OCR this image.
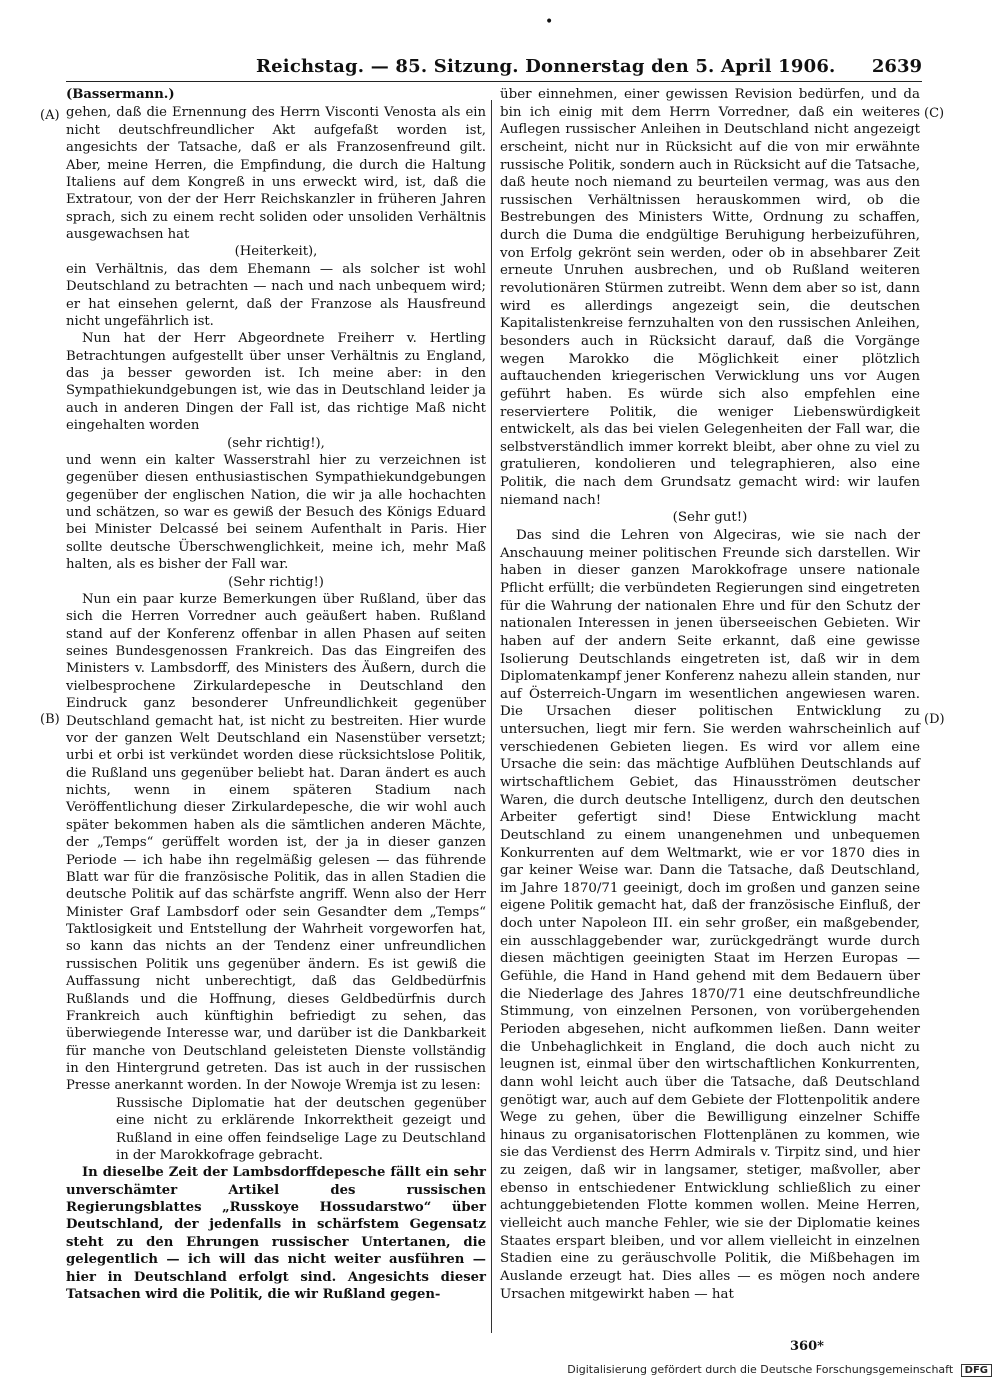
•
Reichstag. — 85. Sitzung. Donnerstag den 5. April 1906. 2639
(A)
(B)
(C)
(D)

(Bassermann.)

gehen, daß die Ernennung des Herrn Visconti Venosta als ein nicht deutschfreundlicher Akt aufgefaßt worden ist, angesichts der Tatsache, daß er als Franzosenfreund gilt. Aber, meine Herren, die Empfindung, die durch die Haltung Italiens auf dem Kongreß in uns erweckt wird, ist, daß die Extratour, von der der Herr Reichskanzler in früheren Jahren sprach, sich zu einem recht soliden oder unsoliden Verhältnis ausgewachsen hat

(Heiterkeit),

ein Verhältnis, das dem Ehemann — als solcher ist wohl Deutschland zu betrachten — nach und nach unbequem wird; er hat einsehen gelernt, daß der Franzose als Hausfreund nicht ungefährlich ist.

Nun hat der Herr Abgeordnete Freiherr v. Hertling Betrachtungen aufgestellt über unser Verhältnis zu England, das ja besser geworden ist. Ich meine aber: in den Sympathiekundgebungen ist, wie das in Deutschland leider ja auch in anderen Dingen der Fall ist, das richtige Maß nicht eingehalten worden

(sehr richtig!),

und wenn ein kalter Wasserstrahl hier zu verzeichnen ist gegenüber diesen enthusiastischen Sympathiekundgebungen gegenüber der englischen Nation, die wir ja alle hochachten und schätzen, so war es gewiß der Besuch des Königs Eduard bei Minister Delcassé bei seinem Aufenthalt in Paris. Hier sollte deutsche Überschwenglichkeit, meine ich, mehr Maß halten, als es bisher der Fall war.

(Sehr richtig!)

Nun ein paar kurze Bemerkungen über Rußland, über das sich die Herren Vorredner auch geäußert haben. Rußland stand auf der Konferenz offenbar in allen Phasen auf seiten seines Bundesgenossen Frankreich. Das das Eingreifen des Ministers v. Lambsdorff, des Ministers des Äußern, durch die vielbesprochene Zirkulardepesche in Deutschland den Eindruck ganz besonderer Unfreundlichkeit gegenüber Deutschland gemacht hat, ist nicht zu bestreiten. Hier wurde vor der ganzen Welt Deutschland ein Nasenstüber versetzt; urbi et orbi ist verkündet worden diese rücksichtslose Politik, die Rußland uns gegenüber beliebt hat. Daran ändert es auch nichts, wenn in einem späteren Stadium nach Veröffentlichung dieser Zirkulardepesche, die wir wohl auch später bekommen haben als die sämtlichen anderen Mächte, der „Temps“ gerüffelt worden ist, der ja in dieser ganzen Periode — ich habe ihn regelmäßig gelesen — das führende Blatt war für die französische Politik, das in allen Stadien die deutsche Politik auf das schärfste angriff. Wenn also der Herr Minister Graf Lambsdorf oder sein Gesandter dem „Temps“ Taktlosigkeit und Entstellung der Wahrheit vorgeworfen hat, so kann das nichts an der Tendenz einer unfreundlichen russischen Politik uns gegenüber ändern. Es ist gewiß die Auffassung nicht unberechtigt, daß das Geldbedürfnis Rußlands und die Hoffnung, dieses Geldbedürfnis durch Frankreich auch künftighin befriedigt zu sehen, das überwiegende Interesse war, und darüber ist die Dankbarkeit für manche von Deutschland geleisteten Dienste vollständig in den Hintergrund getreten. Das ist auch in der russischen Presse anerkannt worden. In der Nowoje Wremja ist zu lesen:

Russische Diplomatie hat der deutschen gegenüber eine nicht zu erklärende Inkorrektheit gezeigt und Rußland in eine offen feindselige Lage zu Deutschland in der Marokkofrage gebracht.

In dieselbe Zeit der Lambsdorffdepesche fällt ein sehr unverschämter Artikel des russischen Regierungsblattes „Russkoye Hossudarstwo“ über Deutschland, der jedenfalls in schärfstem Gegensatz steht zu den Ehrungen russischer Untertanen, die gelegentlich — ich will das nicht weiter ausführen — hier in Deutschland erfolgt sind. Angesichts dieser Tatsachen wird die Politik, die wir Rußland gegen-

über einnehmen, einer gewissen Revision bedürfen, und da bin ich einig mit dem Herrn Vorredner, daß ein weiteres Auflegen russischer Anleihen in Deutschland nicht angezeigt erscheint, nicht nur in Rücksicht auf die von mir erwähnte russische Politik, sondern auch in Rücksicht auf die Tatsache, daß heute noch niemand zu beurteilen vermag, was aus den russischen Verhältnissen herauskommen wird, ob die Bestrebungen des Ministers Witte, Ordnung zu schaffen, durch die Duma die endgültige Beruhigung herbeizuführen, von Erfolg gekrönt sein werden, oder ob in absehbarer Zeit erneute Unruhen ausbrechen, und ob Rußland weiteren revolutionären Stürmen zutreibt. Wenn dem aber so ist, dann wird es allerdings angezeigt sein, die deutschen Kapitalistenkreise fernzuhalten von den russischen Anleihen, besonders auch in Rücksicht darauf, daß die Vorgänge wegen Marokko die Möglichkeit einer plötzlich auftauchenden kriegerischen Verwicklung uns vor Augen geführt haben. Es würde sich also empfehlen eine reserviertere Politik, die weniger Liebenswürdigkeit entwickelt, als das bei vielen Gelegenheiten der Fall war, die selbstverständlich immer korrekt bleibt, aber ohne zu viel zu gratulieren, kondolieren und telegraphieren, also eine Politik, die nach dem Grundsatz gemacht wird: wir laufen niemand nach!

(Sehr gut!)

Das sind die Lehren von Algeciras, wie sie nach der Anschauung meiner politischen Freunde sich darstellen. Wir haben in dieser ganzen Marokkofrage unsere nationale Pflicht erfüllt; die verbündeten Regierungen sind eingetreten für die Wahrung der nationalen Ehre und für den Schutz der nationalen Interessen in jenen überseeischen Gebieten. Wir haben auf der andern Seite erkannt, daß eine gewisse Isolierung Deutschlands eingetreten ist, daß wir in dem Diplomatenkampf jener Konferenz nahezu allein standen, nur auf Österreich-Ungarn im wesentlichen angewiesen waren. Die Ursachen dieser politischen Entwicklung zu untersuchen, liegt mir fern. Sie werden wahrscheinlich auf verschiedenen Gebieten liegen. Es wird vor allem eine Ursache die sein: das mächtige Aufblühen Deutschlands auf wirtschaftlichem Gebiet, das Hinausströmen deutscher Waren, die durch deutsche Intelligenz, durch den deutschen Arbeiter gefertigt sind! Diese Entwicklung macht Deutschland zu einem unangenehmen und unbequemen Konkurrenten auf dem Weltmarkt, wie er vor 1870 dies in gar keiner Weise war. Dann die Tatsache, daß Deutschland, im Jahre 1870/71 geeinigt, doch im großen und ganzen seine eigene Politik gemacht hat, daß der französische Einfluß, der doch unter Napoleon III. ein sehr großer, ein maßgebender, ein ausschlaggebender war, zurückgedrängt wurde durch diesen mächtigen geeinigten Staat im Herzen Europas — Gefühle, die Hand in Hand gehend mit dem Bedauern über die Niederlage des Jahres 1870/71 eine deutschfreundliche Stimmung, von einzelnen Personen, von vorübergehenden Perioden abgesehen, nicht aufkommen ließen. Dann weiter die Unbehaglichkeit in England, die doch auch nicht zu leugnen ist, einmal über den wirtschaftlichen Konkurrenten, dann wohl leicht auch über die Tatsache, daß Deutschland genötigt war, auch auf dem Gebiete der Flottenpolitik andere Wege zu gehen, über die Bewilligung einzelner Schiffe hinaus zu organisatorischen Flottenplänen zu kommen, wie sie das Verdienst des Herrn Admirals v. Tirpitz sind, und hier zu zeigen, daß wir in langsamer, stetiger, maßvoller, aber ebenso in entschiedener Entwicklung schließlich zu einer achtunggebietenden Flotte kommen wollen. Meine Herren, vielleicht auch manche Fehler, wie sie der Diplomatie keines Staates erspart bleiben, und vor allem vielleicht in einzelnen Stadien eine zu geräuschvolle Politik, die Mißbehagen im Auslande erzeugt hat. Dies alles — es mögen noch andere Ursachen mitgewirkt haben — hat

360*
Digitalisierung gefördert durch die Deutsche Forschungsgemeinschaft DFG
